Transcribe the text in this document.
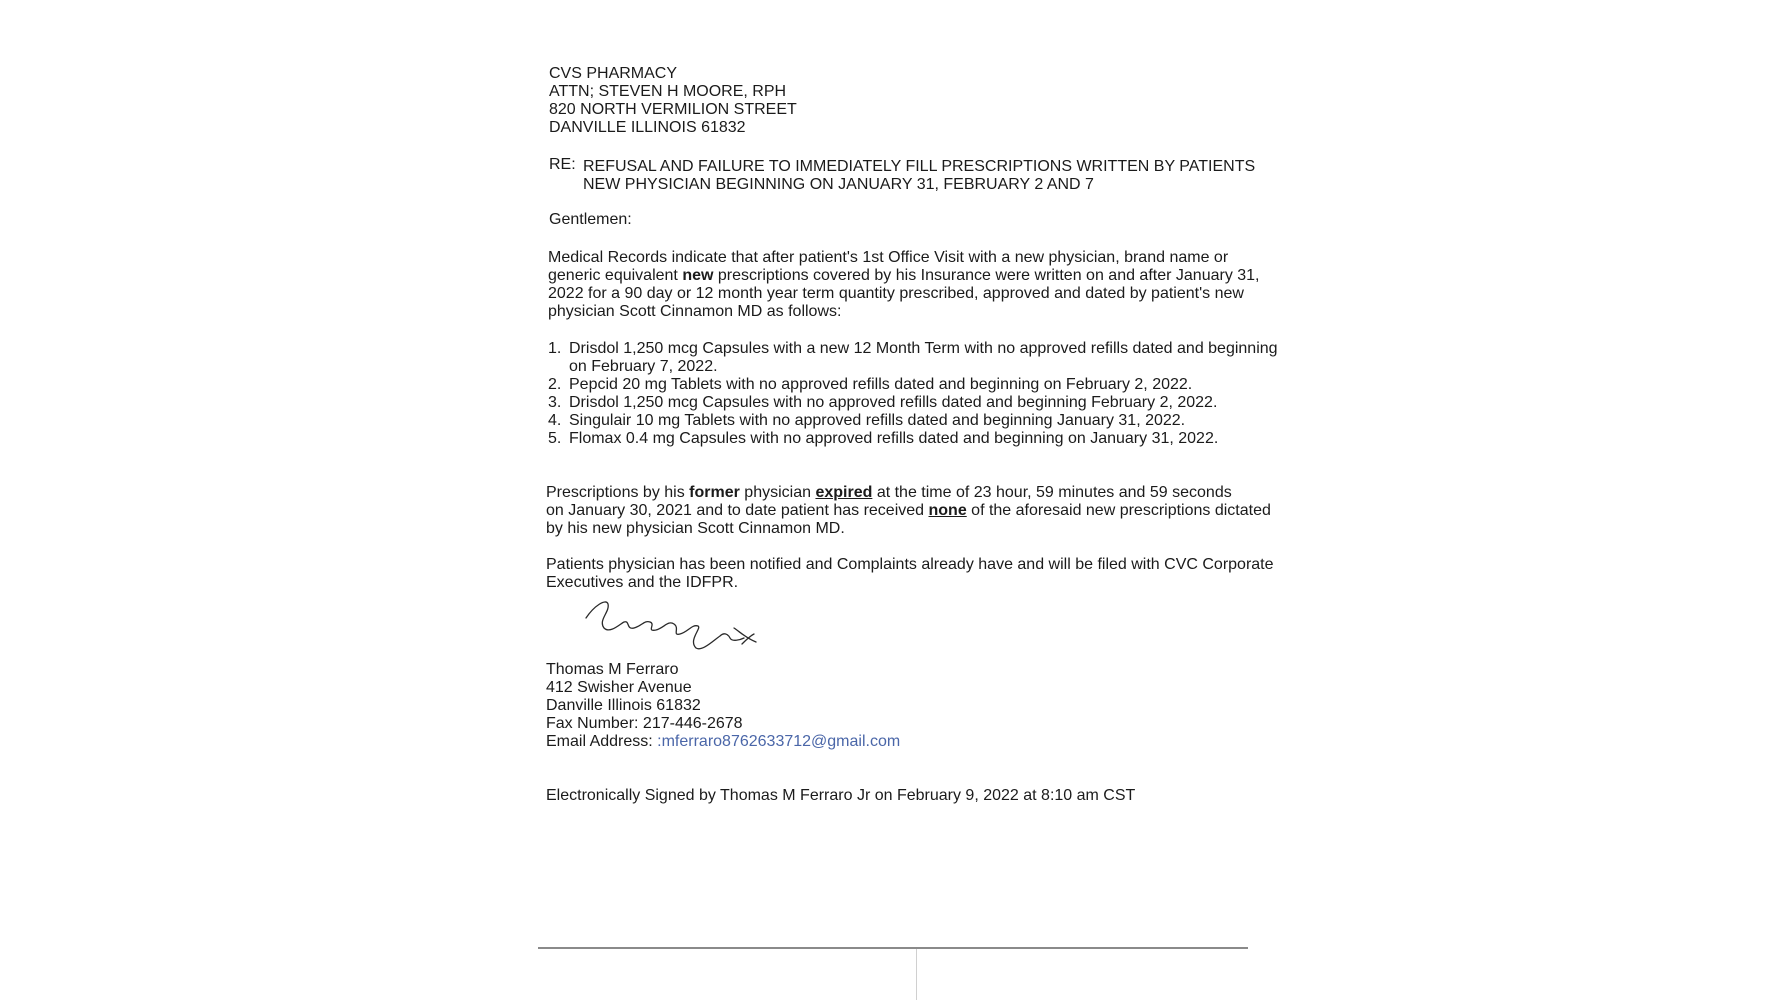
CVS PHARMACY
ATTN; STEVEN H MOORE, RPH
820 NORTH VERMILION STREET
DANVILLE ILLINOIS 61832
RE: REFUSAL AND FAILURE TO IMMEDIATELY FILL PRESCRIPTIONS WRITTEN BY PATIENTS
NEW PHYSICIAN BEGINNING ON JANUARY 31, FEBRUARY 2 AND 7
Gentlemen:
Medical Records indicate that after patient's 1st Office Visit with a new physician, brand name or
generic equivalent new prescriptions covered by his Insurance were written on and after January 31,
2022 for a 90 day or 12 month year term quantity prescribed, approved and dated by patient's new
physician Scott Cinnamon MD as follows:
1. Drisdol 1,250 mcg Capsules with a new 12 Month Term with no approved refills dated and beginning
on February 7, 2022.
2. Pepcid 20 mg Tablets with no approved refills dated and beginning on February 2, 2022.
3. Drisdol 1,250 mcg Capsules with no approved refills dated and beginning February 2, 2022.
4. Singulair 10 mg Tablets with no approved refills dated and beginning January 31, 2022.
5. Flomax 0.4 mg Capsules with no approved refills dated and beginning on January 31, 2022.
Prescriptions by his former physician expired at the time of 23 hour, 59 minutes and 59 seconds
on January 30, 2021 and to date patient has received none of the aforesaid new prescriptions dictated
by his new physician Scott Cinnamon MD.
Patients physician has been notified and Complaints already have and will be filed with CVC Corporate
Executives and the IDFPR.
Thomas M Ferraro
412 Swisher Avenue
Danville Illinois 61832
Fax Number: 217-446-2678
Email Address: :mferraro8762633712@gmail.com
Electronically Signed by Thomas M Ferraro Jr on February 9, 2022 at 8:10 am CST
